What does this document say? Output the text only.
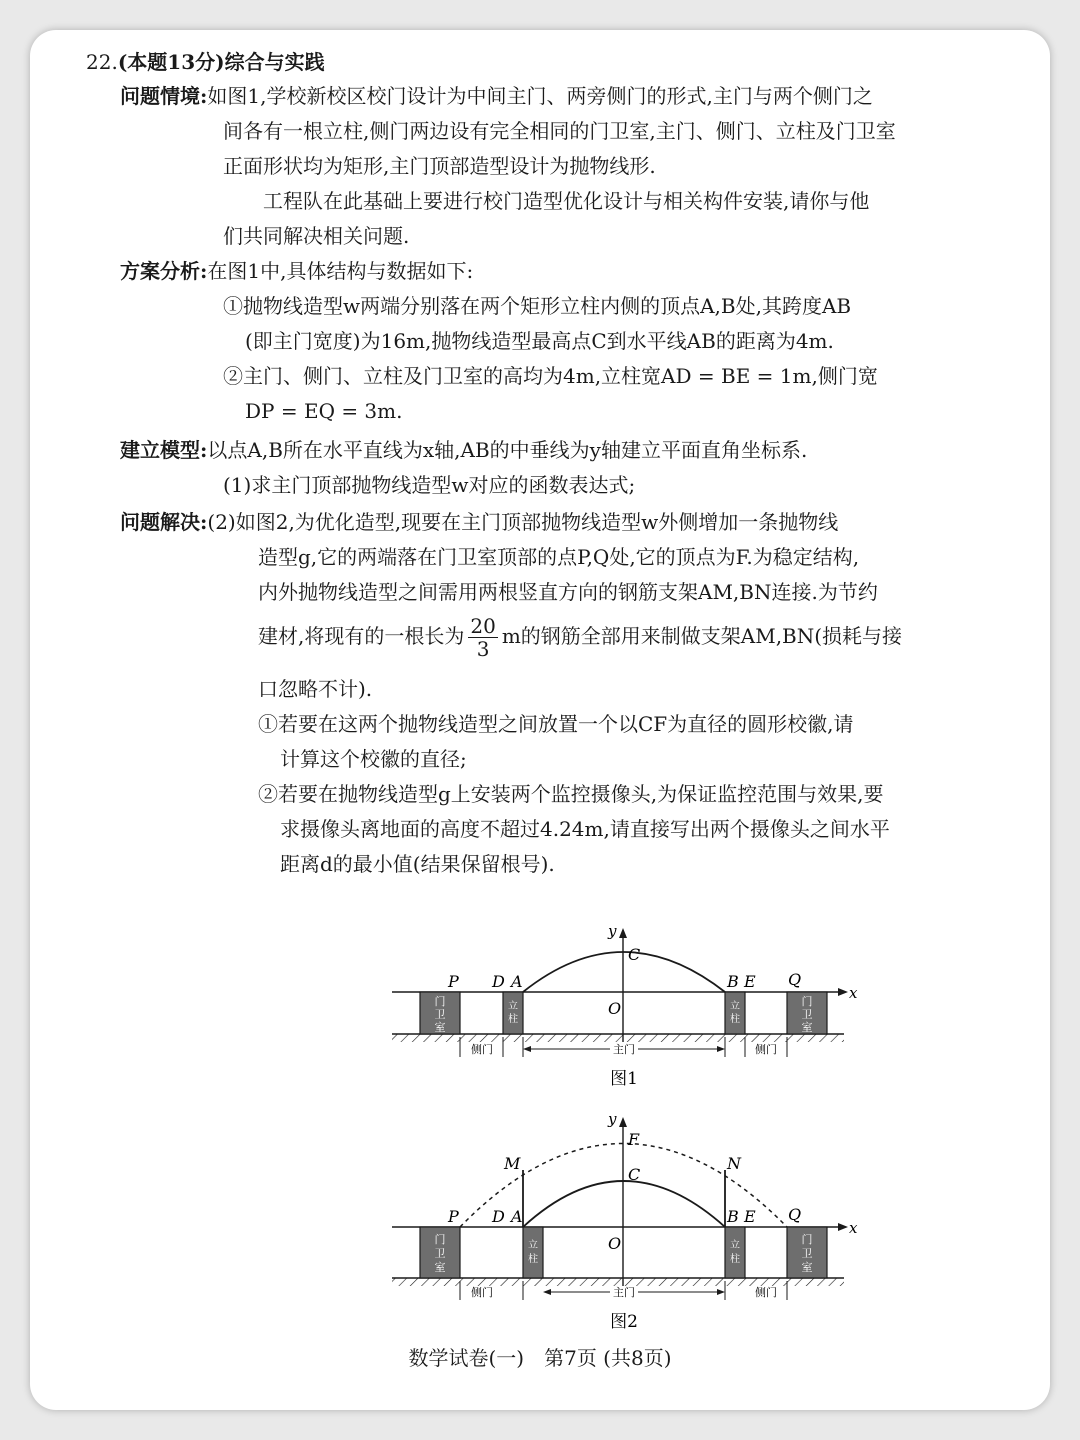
22.(本题13分)综合与实践
问题情境:如图1,学校新校区校门设计为中间主门、两旁侧门的形式,主门与两个侧门之
间各有一根立柱,侧门两边设有完全相同的门卫室,主门、侧门、立柱及门卫室
正面形状均为矩形,主门顶部造型设计为抛物线形.
工程队在此基础上要进行校门造型优化设计与相关构件安装,请你与他
们共同解决相关问题.
方案分析:在图1中,具体结构与数据如下:
①抛物线造型w两端分别落在两个矩形立柱内侧的顶点A,B处,其跨度AB
(即主门宽度)为16m,抛物线造型最高点C到水平线AB的距离为4m.
②主门、侧门、立柱及门卫室的高均为4m,立柱宽AD = BE = 1m,侧门宽
DP = EQ = 3m.
建立模型:以点A,B所在水平直线为x轴,AB的中垂线为y轴建立平面直角坐标系.
(1)求主门顶部抛物线造型w对应的函数表达式;
问题解决:(2)如图2,为优化造型,现要在主门顶部抛物线造型w外侧增加一条抛物线
造型g,它的两端落在门卫室顶部的点P,Q处,它的顶点为F.为稳定结构,
内外抛物线造型之间需用两根竖直方向的钢筋支架AM,BN连接.为节约
建材,将现有的一根长为 $\frac{20}{3}$ m的钢筋全部用来制做支架AM,BN(损耗与接
口忽略不计).
①若要在这两个抛物线造型之间放置一个以CF为直径的圆形校徽,请
计算这个校徽的直径;
②若要在抛物线造型g上安装两个监控摄像头,为保证监控范围与效果,要
求摄像头离地面的高度不超过4.24m,请直接写出两个摄像头之间水平
距离d的最小值(结果保留根号).
门
卫
室
门
卫
室
立
柱
立
柱
侧门	侧门
主门
y
C
O
P D A	B E Q
x
图1
门
卫
室
门
卫
室
立
柱
立
柱
侧门	侧门
主门
y
F
C
M	N
O
P D A	B E Q
x
图2
数学试卷(一)　第7页 (共8页)
